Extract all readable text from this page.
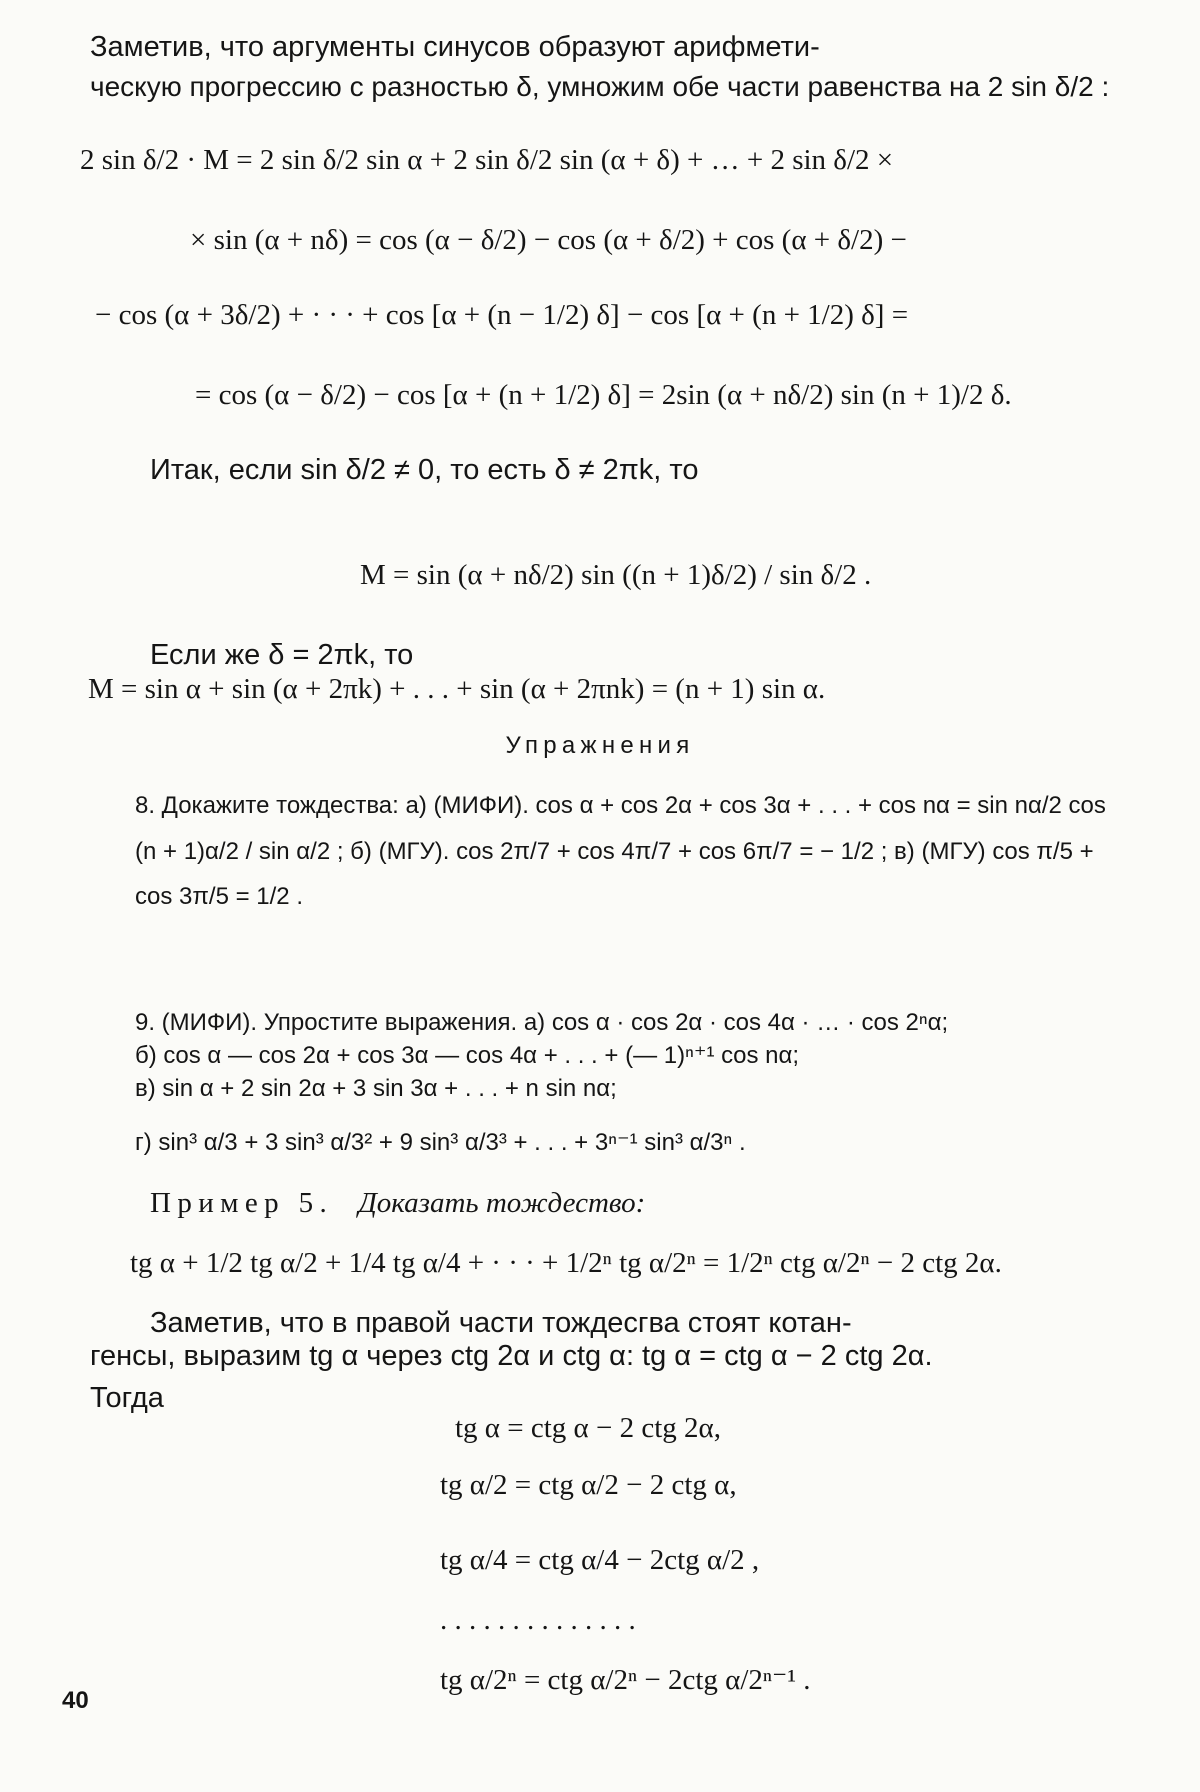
Заметив, что аргументы синусов образуют арифмети-
ческую прогрессию с разностью δ, умножим обе части равенства на 2 sin δ/2 :
2 sin δ/2 · M = 2 sin δ/2 sin α + 2 sin δ/2 sin (α + δ) + … + 2 sin δ/2 ×
× sin (α + nδ) = cos (α − δ/2) − cos (α + δ/2) + cos (α + δ/2) −
− cos (α + 3δ/2) + · · · + cos [α + (n − 1/2) δ] − cos [α + (n + 1/2) δ] =
= cos (α − δ/2) − cos [α + (n + 1/2) δ] = 2sin (α + nδ/2) sin (n + 1)/2 δ.
Итак, если sin δ/2 ≠ 0, то есть δ ≠ 2πk, то
M = sin (α + nδ/2) sin ((n + 1)δ/2) / sin δ/2 .
Если же δ = 2πk, то
M = sin α + sin (α + 2πk) + . . . + sin (α + 2πnk) = (n + 1) sin α.
Упражнения
8. Докажите тождества: а) (МИФИ). cos α + cos 2α + cos 3α + . . . + cos nα = sin nα/2 cos (n + 1)α/2 / sin α/2 ; б) (МГУ). cos 2π/7 + cos 4π/7 + cos 6π/7 = − 1/2 ; в) (МГУ) cos π/5 + cos 3π/5 = 1/2 .
9. (МИФИ). Упростите выражения. а) cos α · cos 2α · cos 4α · … · cos 2ⁿα;
б) cos α — cos 2α + cos 3α — cos 4α + . . . + (— 1)ⁿ⁺¹ cos nα;
в) sin α + 2 sin 2α + 3 sin 3α + . . . + n sin nα;
г) sin³ α/3 + 3 sin³ α/3² + 9 sin³ α/3³ + . . . + 3ⁿ⁻¹ sin³ α/3ⁿ .
Пример 5. Доказать тождество:
tg α + 1/2 tg α/2 + 1/4 tg α/4 + · · · + 1/2ⁿ tg α/2ⁿ = 1/2ⁿ ctg α/2ⁿ − 2 ctg 2α.
Заметив, что в правой части тождесгва стоят котан-
генсы, выразим tg α через ctg 2α и ctg α: tg α = ctg α − 2 ctg 2α.
Тогда
tg α = ctg α − 2 ctg 2α,
tg α/2 = ctg α/2 − 2 ctg α,
tg α/4 = ctg α/4 − 2ctg α/2 ,
. . . . . . . . . . . . . .
tg α/2ⁿ = ctg α/2ⁿ − 2ctg α/2ⁿ⁻¹ .
40
